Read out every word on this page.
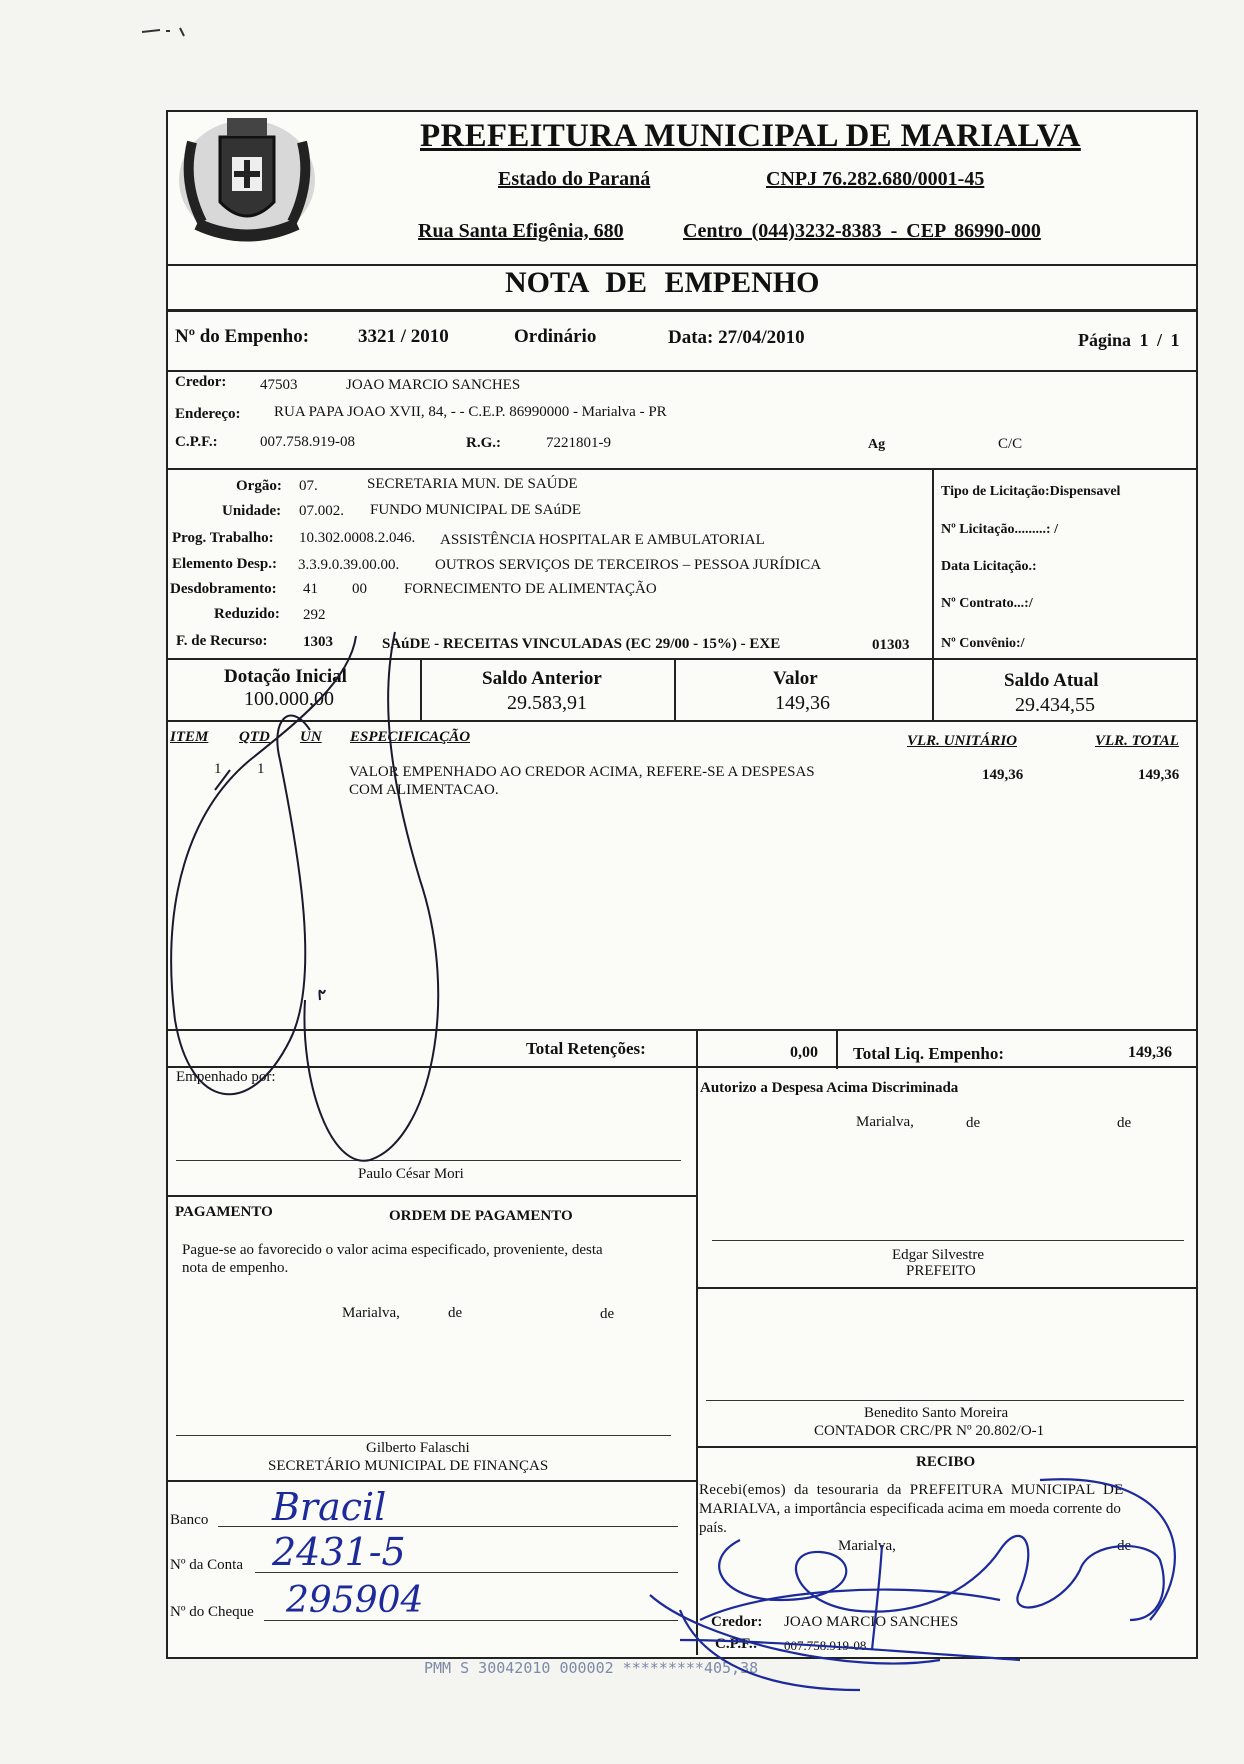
PREFEITURA MUNICIPAL DE MARIALVA
Estado do Paraná	CNPJ 76.282.680/0001-45
Rua Santa Efigênia, 680	Centro (044)3232-8383 - CEP 86990-000
NOTA DE EMPENHO
Nº do Empenho:	3321 / 2010	Ordinário	Data: 27/04/2010	Página 1 / 1
Credor: 47503	JOAO MARCIO SANCHES
Endereço: RUA PAPA JOAO XVII, 84, - - C.E.P. 86990000 - Marialva - PR
C.P.F.:	007.758.919-08	R.G.:	7221801-9	Ag	C/C
Orgão: 07.	SECRETARIA MUN. DE SAÚDE
Unidade: 07.002. FUNDO MUNICIPAL DE SAúDE
Prog. Trabalho: 10.302.0008.2.046. ASSISTÊNCIA HOSPITALAR E AMBULATORIAL
Elemento Desp.: 3.3.9.0.39.00.00. OUTROS SERVIÇOS DE TERCEIROS – PESSOA JURÍDICA
Desdobramento: 41 00 FORNECIMENTO DE ALIMENTAÇÃO
Reduzido: 292
F. de Recurso: 1303	SAúDE - RECEITAS VINCULADAS (EC 29/00 - 15%) - EXE	01303
Tipo de Licitação:Dispensavel
Nº Licitação.........: /
Data Licitação.:
Nº Contrato...:/
Nº Convênio:/
Dotação Inicial
100.000,00
Saldo Anterior
29.583,91
Valor
149,36
Saldo Atual
29.434,55
ITEM QTD UN ESPECIFICAÇÃO	VLR. UNITÁRIO	VLR. TOTAL
1 1	VALOR EMPENHADO AO CREDOR ACIMA, REFERE-SE A DESPESAS
COM ALIMENTACAO.
149,36	149,36
Total Retenções:	0,00 Total Liq. Empenho:	149,36
Empenhado por:
Paulo César Mori
Autorizo a Despesa Acima Discriminada
Marialva,	de	de
Edgar Silvestre
PREFEITO
PAGAMENTO	ORDEM DE PAGAMENTO
Pague-se ao favorecido o valor acima especificado, proveniente, desta
nota de empenho.
Marialva,	de	de
Gilberto Falaschi
SECRETÁRIO MUNICIPAL DE FINANÇAS
Benedito Santo Moreira
CONTADOR CRC/PR Nº 20.802/O-1
RECIBO
Recebi(emos) da tesouraria da PREFEITURA MUNICIPAL DE
MARIALVA, a importância especificada acima em moeda corrente do
país.
Marialva,	de
Credor: JOAO MARCIO SANCHES
C.P.F.: 007.758.919-08
Banco Bracil
Nº da Conta 2431-5
Nº do Cheque 295904
PMM S 30042010 000002 *********405,38
